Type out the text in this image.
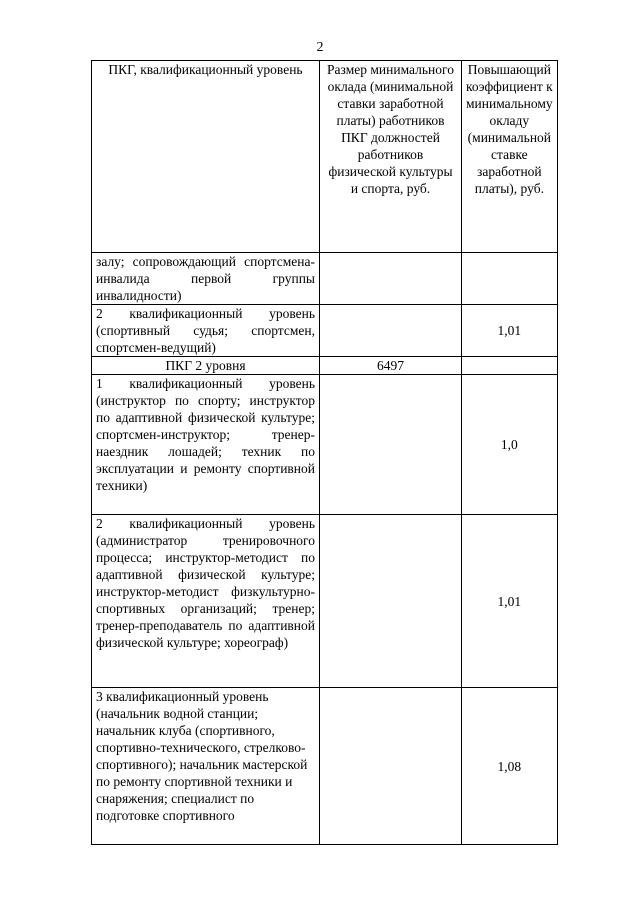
2
ПКГ, квалификационный уровень	Размер минимального оклада (минимальной ставки заработной платы) работников ПКГ должностей работников физической культуры и спорта, руб.	Повышающий коэффициент к минимальному окладу (минимальной ставке заработной платы), руб.
залу; сопровождающий спортсмена-инвалида первой группы инвалидности)		
2 квалификационный уровень (спортивный судья; спортсмен, спортсмен-ведущий)		1,01
ПКГ 2 уровня	6497	
1 квалификационный уровень (инструктор по спорту; инструктор по адаптивной физической культуре; спортсмен-инструктор; тренер-наездник лошадей; техник по эксплуатации и ремонту спортивной техники)		1,0
2 квалификационный уровень (администратор тренировочного процесса; инструктор-методист по адаптивной физической культуре; инструктор-методист физкультурно-спортивных организаций; тренер; тренер-преподаватель по адаптивной физической культуре; хореограф)		1,01
3 квалификационный уровень (начальник водной станции; начальник клуба (спортивного, спортивно-технического, стрелково-спортивного); начальник мастерской по ремонту спортивной техники и снаряжения; специалист по подготовке спортивного		1,08
